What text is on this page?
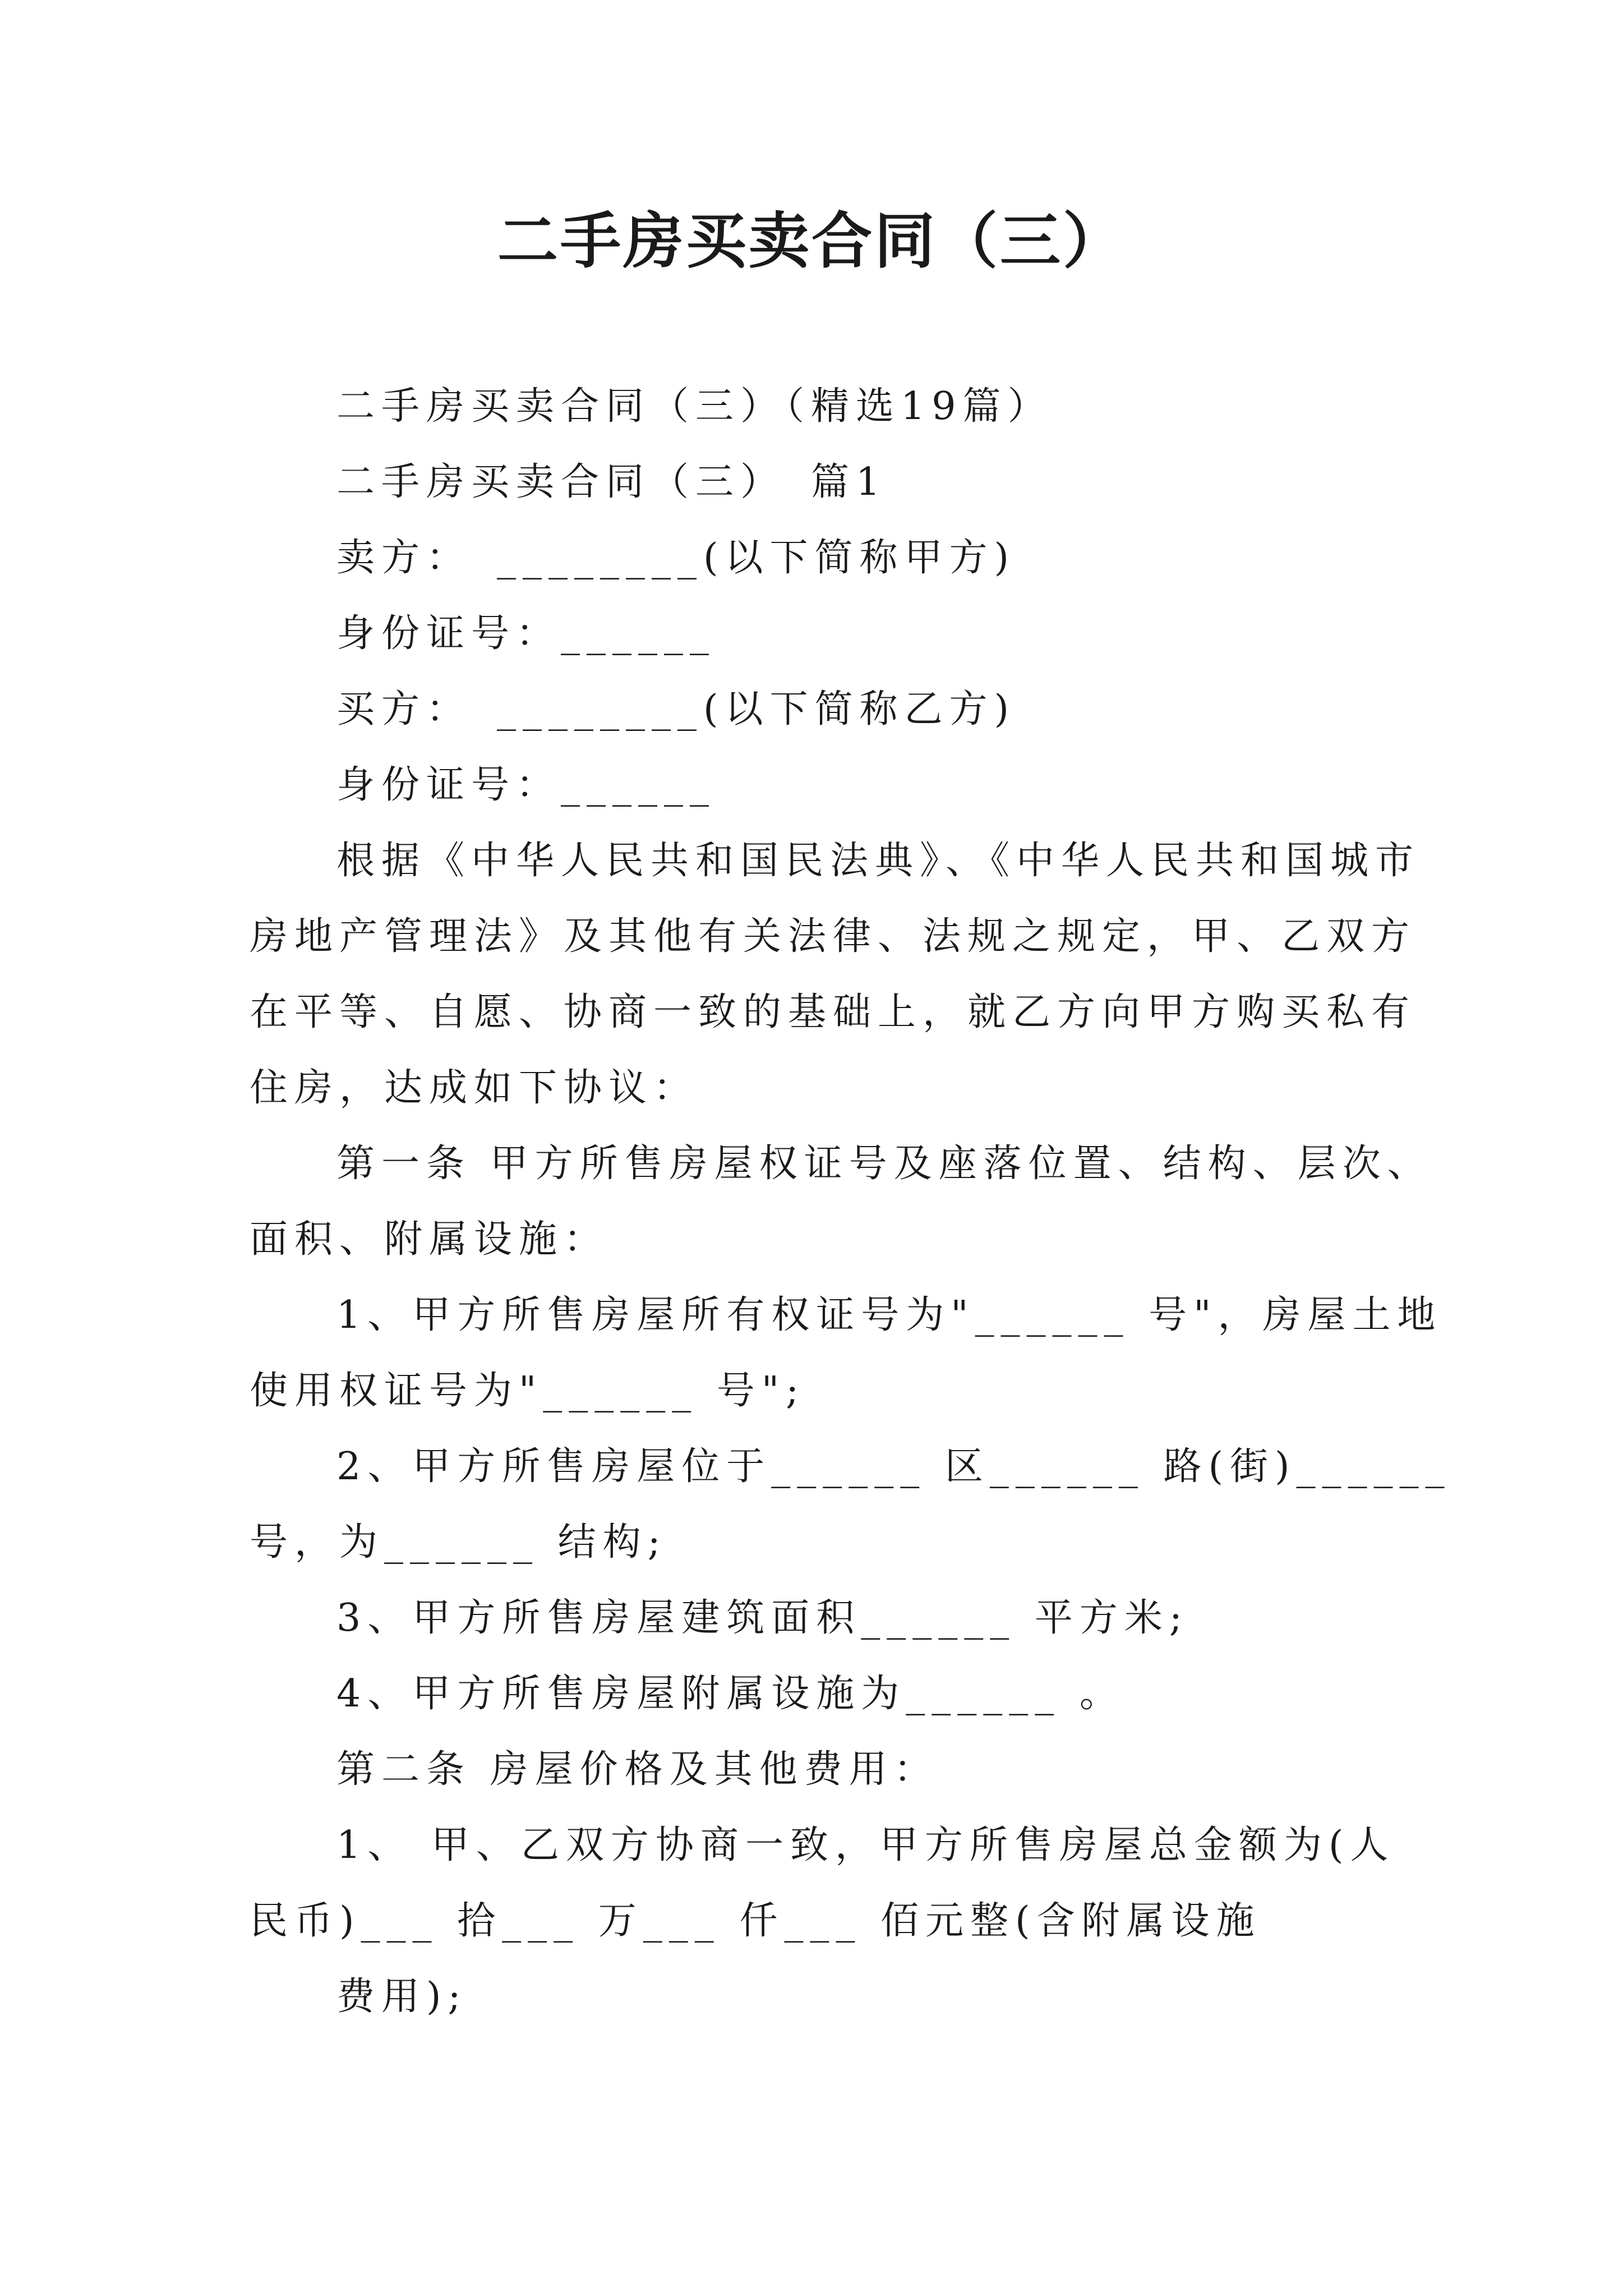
二手房买卖合同（三）
二手房买卖合同（三）（精选19篇）
二手房买卖合同（三）　篇1
卖方：　________(以下简称甲方)
身份证号：______
买方：　________(以下简称乙方)
身份证号：______
根据《中华人民共和国民法典》、《中华人民共和国城市
房地产管理法》及其他有关法律、法规之规定，甲、乙双方
在平等、自愿、协商一致的基础上，就乙方向甲方购买私有
住房，达成如下协议：
第一条 甲方所售房屋权证号及座落位置、结构、层次、
面积、附属设施：
1、甲方所售房屋所有权证号为"______ 号"，房屋土地
使用权证号为"______ 号";
2、甲方所售房屋位于______ 区______ 路(街)______
号，为______ 结构;
3、甲方所售房屋建筑面积______ 平方米;
4、甲方所售房屋附属设施为______ 。
第二条 房屋价格及其他费用：
1、 甲、乙双方协商一致，甲方所售房屋总金额为(人
民币)___ 拾___ 万___ 仟___ 佰元整(含附属设施
费用);
